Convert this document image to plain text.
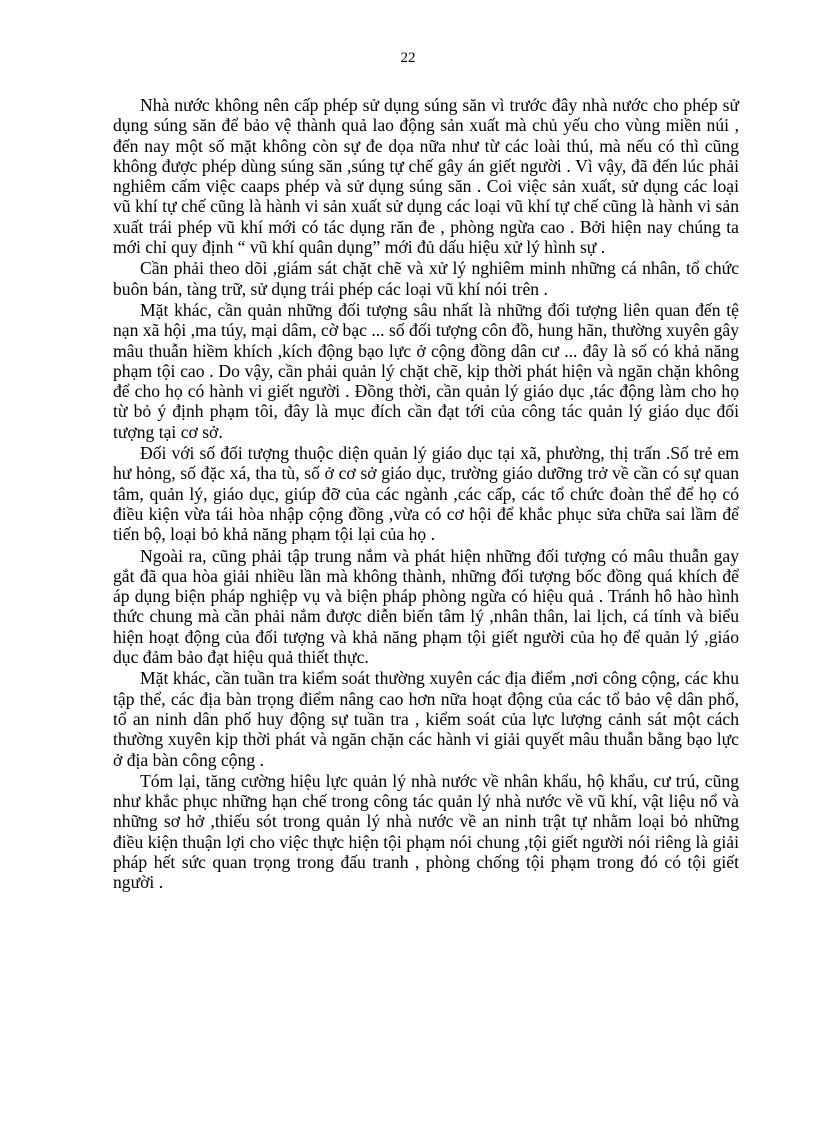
22

Nhà nước không nên cấp phép sử dụng súng săn vì trước đây nhà nước cho phép sử dụng súng săn để bảo vệ thành quả lao động sản xuất mà chủ yếu cho vùng miền núi , đến nay một số mặt không còn sự đe dọa nữa như từ các loài thú, mà nếu có thì cũng không được phép dùng súng săn ,súng tự chế gây án giết người . Vì vậy, đã đến lúc phải nghiêm cấm việc caaps phép và sử dụng súng săn . Coi việc sản xuất, sử dụng các loại vũ khí tự chế cũng là hành vi sản xuất sử dụng các loại vũ khí tự chế cũng là hành vi sản xuất trái phép vũ khí mới có tác dụng răn đe , phòng ngừa cao . Bởi hiện nay chúng ta mới chỉ quy định “ vũ khí quân dụng” mới đủ dấu hiệu xử lý hình sự .

Cần phải theo dõi ,giám sát chặt chẽ và xử lý nghiêm minh những cá nhân, tổ chức buôn bán, tàng trữ, sử dụng trái phép các loại vũ khí nói trên .

Mặt khác, cần quản những đối tượng sâu nhất là những đối tượng liên quan đến tệ nạn xã hội ,ma túy, mại dâm, cờ bạc ... số đối tượng côn đồ, hung hãn, thường xuyên gây mâu thuẫn hiềm khích ,kích động bạo lực ở cộng đồng dân cư ... đây là số có khả năng phạm tội cao . Do vậy, cần phải quản lý chặt chẽ, kịp thời phát hiện và ngăn chặn không để cho họ có hành vi giết người . Đồng thời, cần quản lý giáo dục ,tác động làm cho họ từ bỏ ý định phạm tôi, đây là mục đích cần đạt tới của công tác quản lý giáo dục đối tượng tại cơ sở.

Đối với số đối tượng thuộc diện quản lý giáo dục tại xã, phường, thị trấn .Số trẻ em hư hỏng, số đặc xá, tha tù, số ở cơ sở giáo dục, trường giáo dưỡng trở về cần có sự quan tâm, quản lý, giáo dục, giúp đỡ của các ngành ,các cấp, các tổ chức đoàn thể để họ có điều kiện vừa tái hòa nhập cộng đồng ,vừa có cơ hội để khắc phục sửa chữa sai lầm để tiến bộ, loại bỏ khả năng phạm tội lại của họ .

Ngoài ra, cũng phải tập trung nắm và phát hiện những đối tượng có mâu thuẫn gay gắt đã qua hòa giải nhiều lần mà không thành, những đối tượng bốc đồng quá khích để áp dụng biện pháp nghiệp vụ và biện pháp phòng ngừa có hiệu quả . Tránh hô hào hình thức chung mà cần phải nắm được diễn biến tâm lý ,nhân thân, lai lịch, cá tính và biểu hiện hoạt động của đối tượng và khả năng phạm tội giết người của họ để quản lý ,giáo dục đảm bảo đạt hiệu quả thiết thực.

Mặt khác, cần tuần tra kiểm soát thường xuyên các địa điểm ,nơi công cộng, các khu tập thể, các địa bàn trọng điểm nâng cao hơn nữa hoạt động của các tổ bảo vệ dân phố, tổ an ninh dân phố huy động sự tuần tra , kiểm soát của lực lượng cảnh sát một cách thường xuyên kịp thời phát và ngăn chặn các hành vi giải quyết mâu thuẫn bằng bạo lực ở địa bàn công cộng .

Tóm lại, tăng cường hiệu lực quản lý nhà nước về nhân khẩu, hộ khẩu, cư trú, cũng như khắc phục những hạn chế trong công tác quản lý nhà nước về vũ khí, vật liệu nổ và những sơ hở ,thiếu sót trong quản lý nhà nước về an ninh trật tự nhằm loại bỏ những điều kiện thuận lợi cho việc thực hiện tội phạm nói chung ,tội giết người nói riêng là giải pháp hết sức quan trọng trong đấu tranh , phòng chống tội phạm trong đó có tội giết người .
